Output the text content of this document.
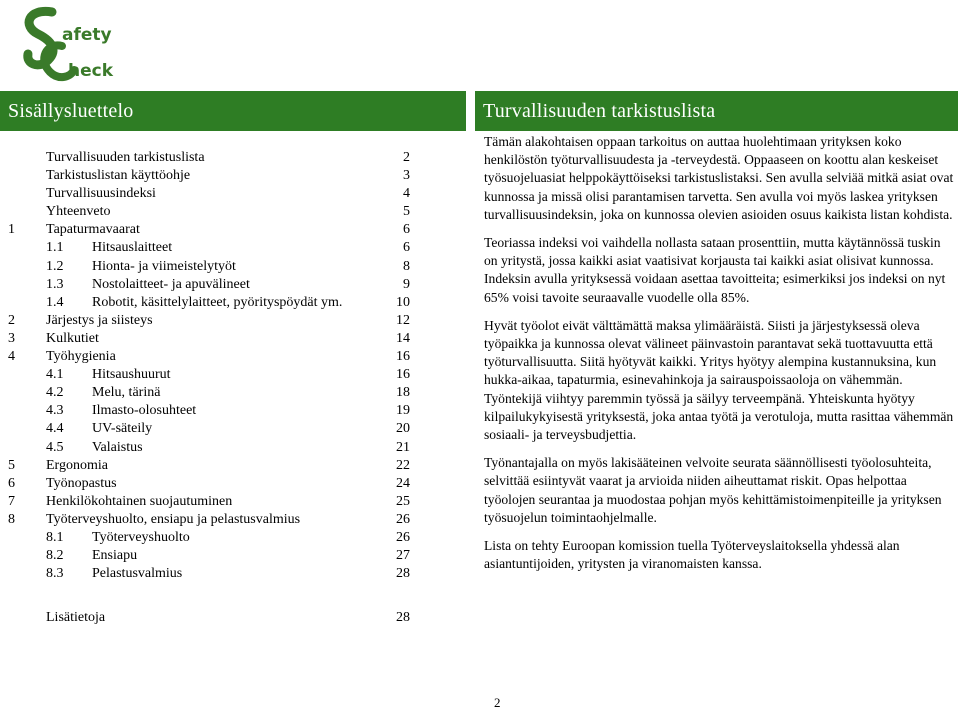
afety
heck
Sisällysluettelo	Turvallisuuden tarkistuslista
Turvallisuuden tarkistuslista	2
Tarkistuslistan käyttöohje	3
Turvallisuusindeksi	4
Yhteenveto	5
1 Tapaturmavaarat	6
1.1 Hitsauslaitteet	6
1.2 Hionta- ja viimeistelytyöt	8
1.3 Nostolaitteet- ja apuvälineet	9
1.4 Robotit, käsittelylaitteet, pyörityspöydät ym.	10
2 Järjestys ja siisteys	12
3 Kulkutiet	14
4 Työhygienia	16
4.1 Hitsaushuurut	16
4.2 Melu, tärinä	18
4.3 Ilmasto-olosuhteet	19
4.4 UV-säteily	20
4.5 Valaistus	21
5 Ergonomia	22
6 Työnopastus	24
7 Henkilökohtainen suojautuminen	25
8 Työterveyshuolto, ensiapu ja pelastusvalmius	26
8.1 Työterveyshuolto	26
8.2 Ensiapu	27
8.3 Pelastusvalmius	28
Lisätietoja	28

Tämän alakohtaisen oppaan tarkoitus on auttaa huolehtimaan yrityksen koko henkilöstön työturvallisuudesta ja -terveydestä. Oppaaseen on koottu alan keskeiset työsuojeluasiat helppokäyttöiseksi tarkistuslistaksi. Sen avulla selviää mitkä asiat ovat kunnossa ja missä olisi parantamisen tarvetta. Sen avulla voi myös laskea yrityksen turvallisuusindeksin, joka on kunnossa olevien asioiden osuus kaikista listan kohdista.

Teoriassa indeksi voi vaihdella nollasta sataan prosenttiin, mutta käytännössä tuskin on yritystä, jossa kaikki asiat vaatisivat korjausta tai kaikki asiat olisivat kunnossa. Indeksin avulla yrityksessä voidaan asettaa tavoitteita; esimerkiksi jos indeksi on nyt 65% voisi tavoite seuraavalle vuodelle olla 85%.

Hyvät työolot eivät välttämättä maksa ylimääräistä. Siisti ja järjestyksessä oleva työpaikka ja kunnossa olevat välineet päinvastoin parantavat sekä tuottavuutta että työturvallisuutta. Siitä hyötyvät kaikki. Yritys hyötyy alempina kustannuksina, kun hukka-aikaa, tapaturmia, esinevahinkoja ja sairauspoissaoloja on vähemmän. Työntekijä viihtyy paremmin työssä ja säilyy terveempänä. Yhteiskunta hyötyy kilpailukykyisestä yrityksestä, joka antaa työtä ja verotuloja, mutta rasittaa vähemmän sosiaali- ja terveysbudjettia.

Työnantajalla on myös lakisääteinen velvoite seurata säännöllisesti työolosuhteita, selvittää esiintyvät vaarat ja arvioida niiden aiheuttamat riskit. Opas helpottaa työolojen seurantaa ja muodostaa pohjan myös kehittämistoimenpiteille ja yrityksen työsuojelun toimintaohjelmalle.

Lista on tehty Euroopan komission tuella Työterveyslaitoksella yhdessä alan asiantuntijoiden, yritysten ja viranomaisten kanssa.

2
